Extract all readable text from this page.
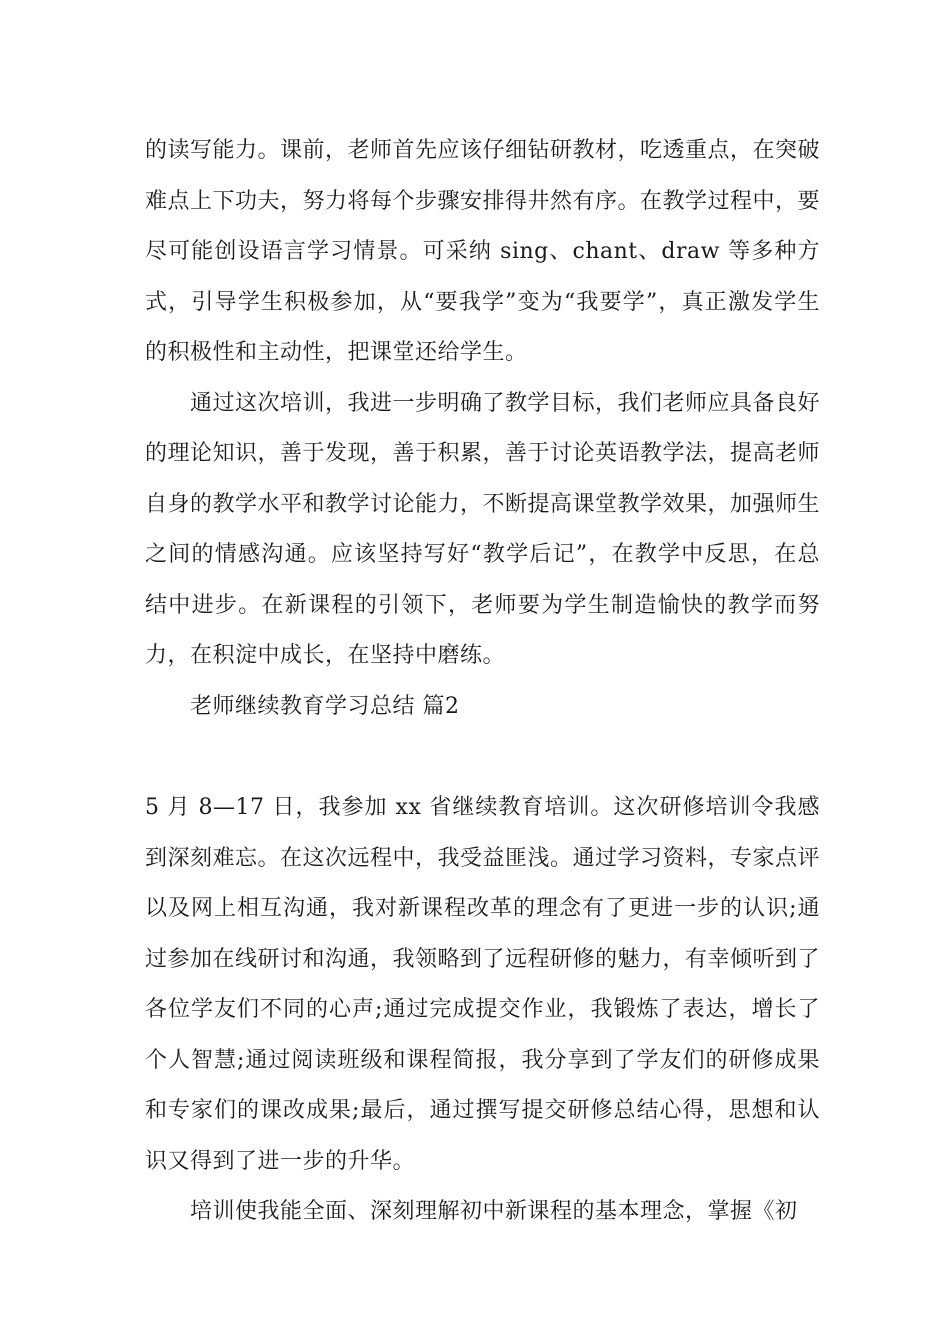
的读写能力。课前，老师首先应该仔细钻研教材，吃透重点，在突破难点上下功夫，努力将每个步骤安排得井然有序。在教学过程中，要尽可能创设语言学习情景。可采纳 sing、chant、draw 等多种方式，引导学生积极参加，从“要我学”变为“我要学”，真正激发学生的积极性和主动性，把课堂还给学生。

通过这次培训，我进一步明确了教学目标，我们老师应具备良好的理论知识，善于发现，善于积累，善于讨论英语教学法，提高老师自身的教学水平和教学讨论能力，不断提高课堂教学效果，加强师生之间的情感沟通。应该坚持写好“教学后记”，在教学中反思，在总结中进步。在新课程的引领下，老师要为学生制造愉快的教学而努力，在积淀中成长，在坚持中磨练。

老师继续教育学习总结 篇2

5 月 8—17 日，我参加 xx 省继续教育培训。这次研修培训令我感到深刻难忘。在这次远程中，我受益匪浅。通过学习资料，专家点评以及网上相互沟通，我对新课程改革的理念有了更进一步的认识;通过参加在线研讨和沟通，我领略到了远程研修的魅力，有幸倾听到了各位学友们不同的心声;通过完成提交作业，我锻炼了表达，增长了个人智慧;通过阅读班级和课程简报，我分享到了学友们的研修成果和专家们的课改成果;最后，通过撰写提交研修总结心得，思想和认识又得到了进一步的升华。

培训使我能全面、深刻理解初中新课程的基本理念，掌握《初
